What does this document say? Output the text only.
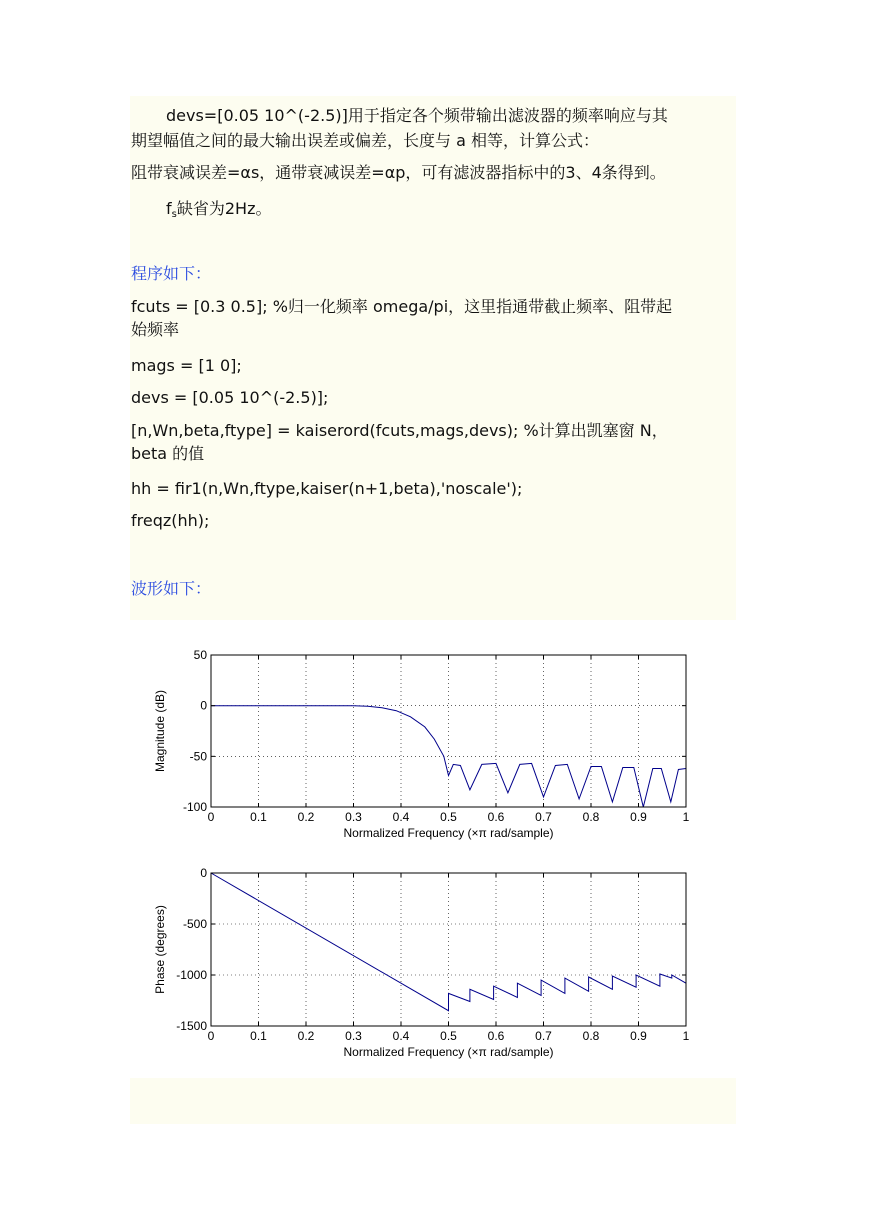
devs=[0.05 10^(-2.5)]用于指定各个频带输出滤波器的频率响应与其
期望幅值之间的最大输出误差或偏差，长度与 a 相等，计算公式：
阻带衰减误差=αs，通带衰减误差=αp，可有滤波器指标中的3、4条得到。
$f_s$缺省为2Hz。
程序如下：
fcuts = [0.3 0.5]; %归一化频率 omega/pi，这里指通带截止频率、阻带起
始频率
mags = [1 0];
devs = [0.05 10^(-2.5)];
[n,Wn,beta,ftype] = kaiserord(fcuts,mags,devs); %计算出凯塞窗 N，
beta 的值
hh = fir1(n,Wn,ftype,kaiser(n+1,beta),'noscale');
freqz(hh);
波形如下：
0	0.1	0.2	0.3	0.4	0.5	0.6	0.7	0.8	0.9	1
-100
-50
0
50
Normalized Frequency (×π rad/sample)
Magnitude (dB)
0	0.1	0.2	0.3	0.4	0.5	0.6	0.7	0.8	0.9	1
-1500
-1000
-500
0
Normalized Frequency (×π rad/sample)
Phase (degrees)
